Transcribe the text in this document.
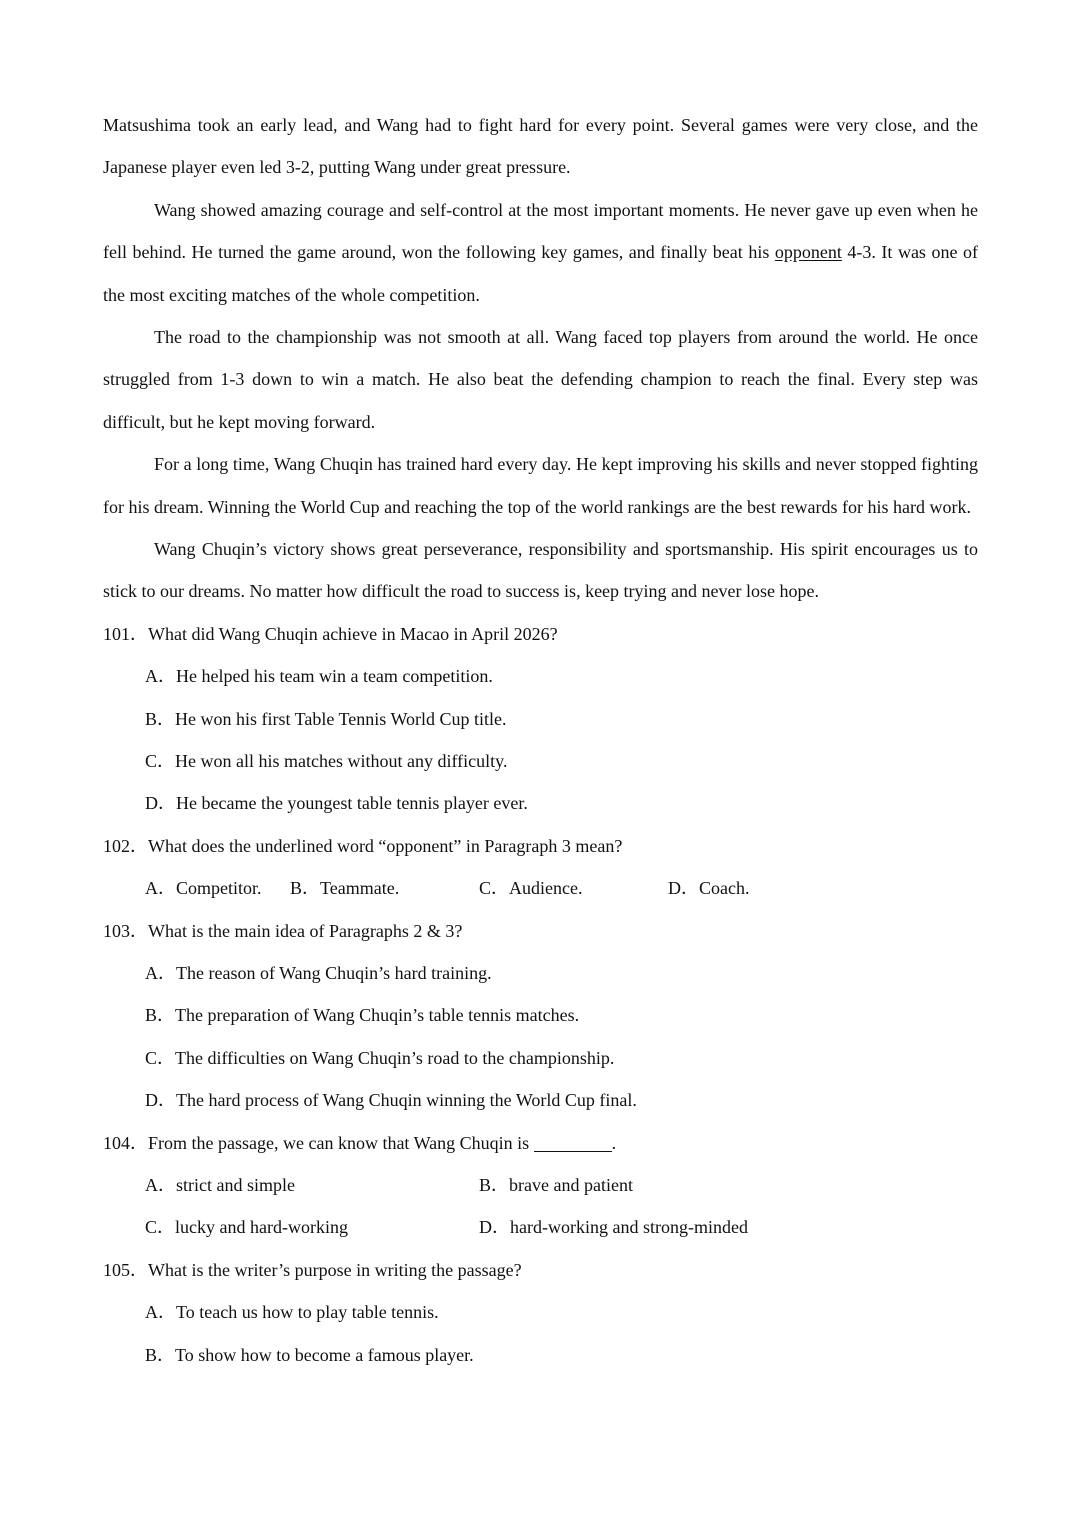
Matsushima took an early lead, and Wang had to fight hard for every point. Several games were very close, and the Japanese player even led 3-2, putting Wang under great pressure.

Wang showed amazing courage and self-control at the most important moments. He never gave up even when he fell behind. He turned the game around, won the following key games, and finally beat his opponent 4-3. It was one of the most exciting matches of the whole competition.

The road to the championship was not smooth at all. Wang faced top players from around the world. He once struggled from 1-3 down to win a match. He also beat the defending champion to reach the final. Every step was difficult, but he kept moving forward.

For a long time, Wang Chuqin has trained hard every day. He kept improving his skills and never stopped fighting for his dream. Winning the World Cup and reaching the top of the world rankings are the best rewards for his hard work.

Wang Chuqin’s victory shows great perseverance, responsibility and sportsmanship. His spirit encourages us to stick to our dreams. No matter how difficult the road to success is, keep trying and never lose hope.

101．What did Wang Chuqin achieve in Macao in April 2026?
A．He helped his team win a team competition.
B．He won his first Table Tennis World Cup title.
C．He won all his matches without any difficulty.
D．He became the youngest table tennis player ever.
102．What does the underlined word “opponent” in Paragraph 3 mean?
A．Competitor. B．Teammate.	C．Audience.	D．Coach.
103．What is the main idea of Paragraphs 2 & 3?
A．The reason of Wang Chuqin’s hard training.
B．The preparation of Wang Chuqin’s table tennis matches.
C．The difficulties on Wang Chuqin’s road to the championship.
D．The hard process of Wang Chuqin winning the World Cup final.
104．From the passage, we can know that Wang Chuqin is	.
A．strict and simple	B．brave and patient
C．lucky and hard-working	D．hard-working and strong-minded
105．What is the writer’s purpose in writing the passage?
A．To teach us how to play table tennis.
B．To show how to become a famous player.
